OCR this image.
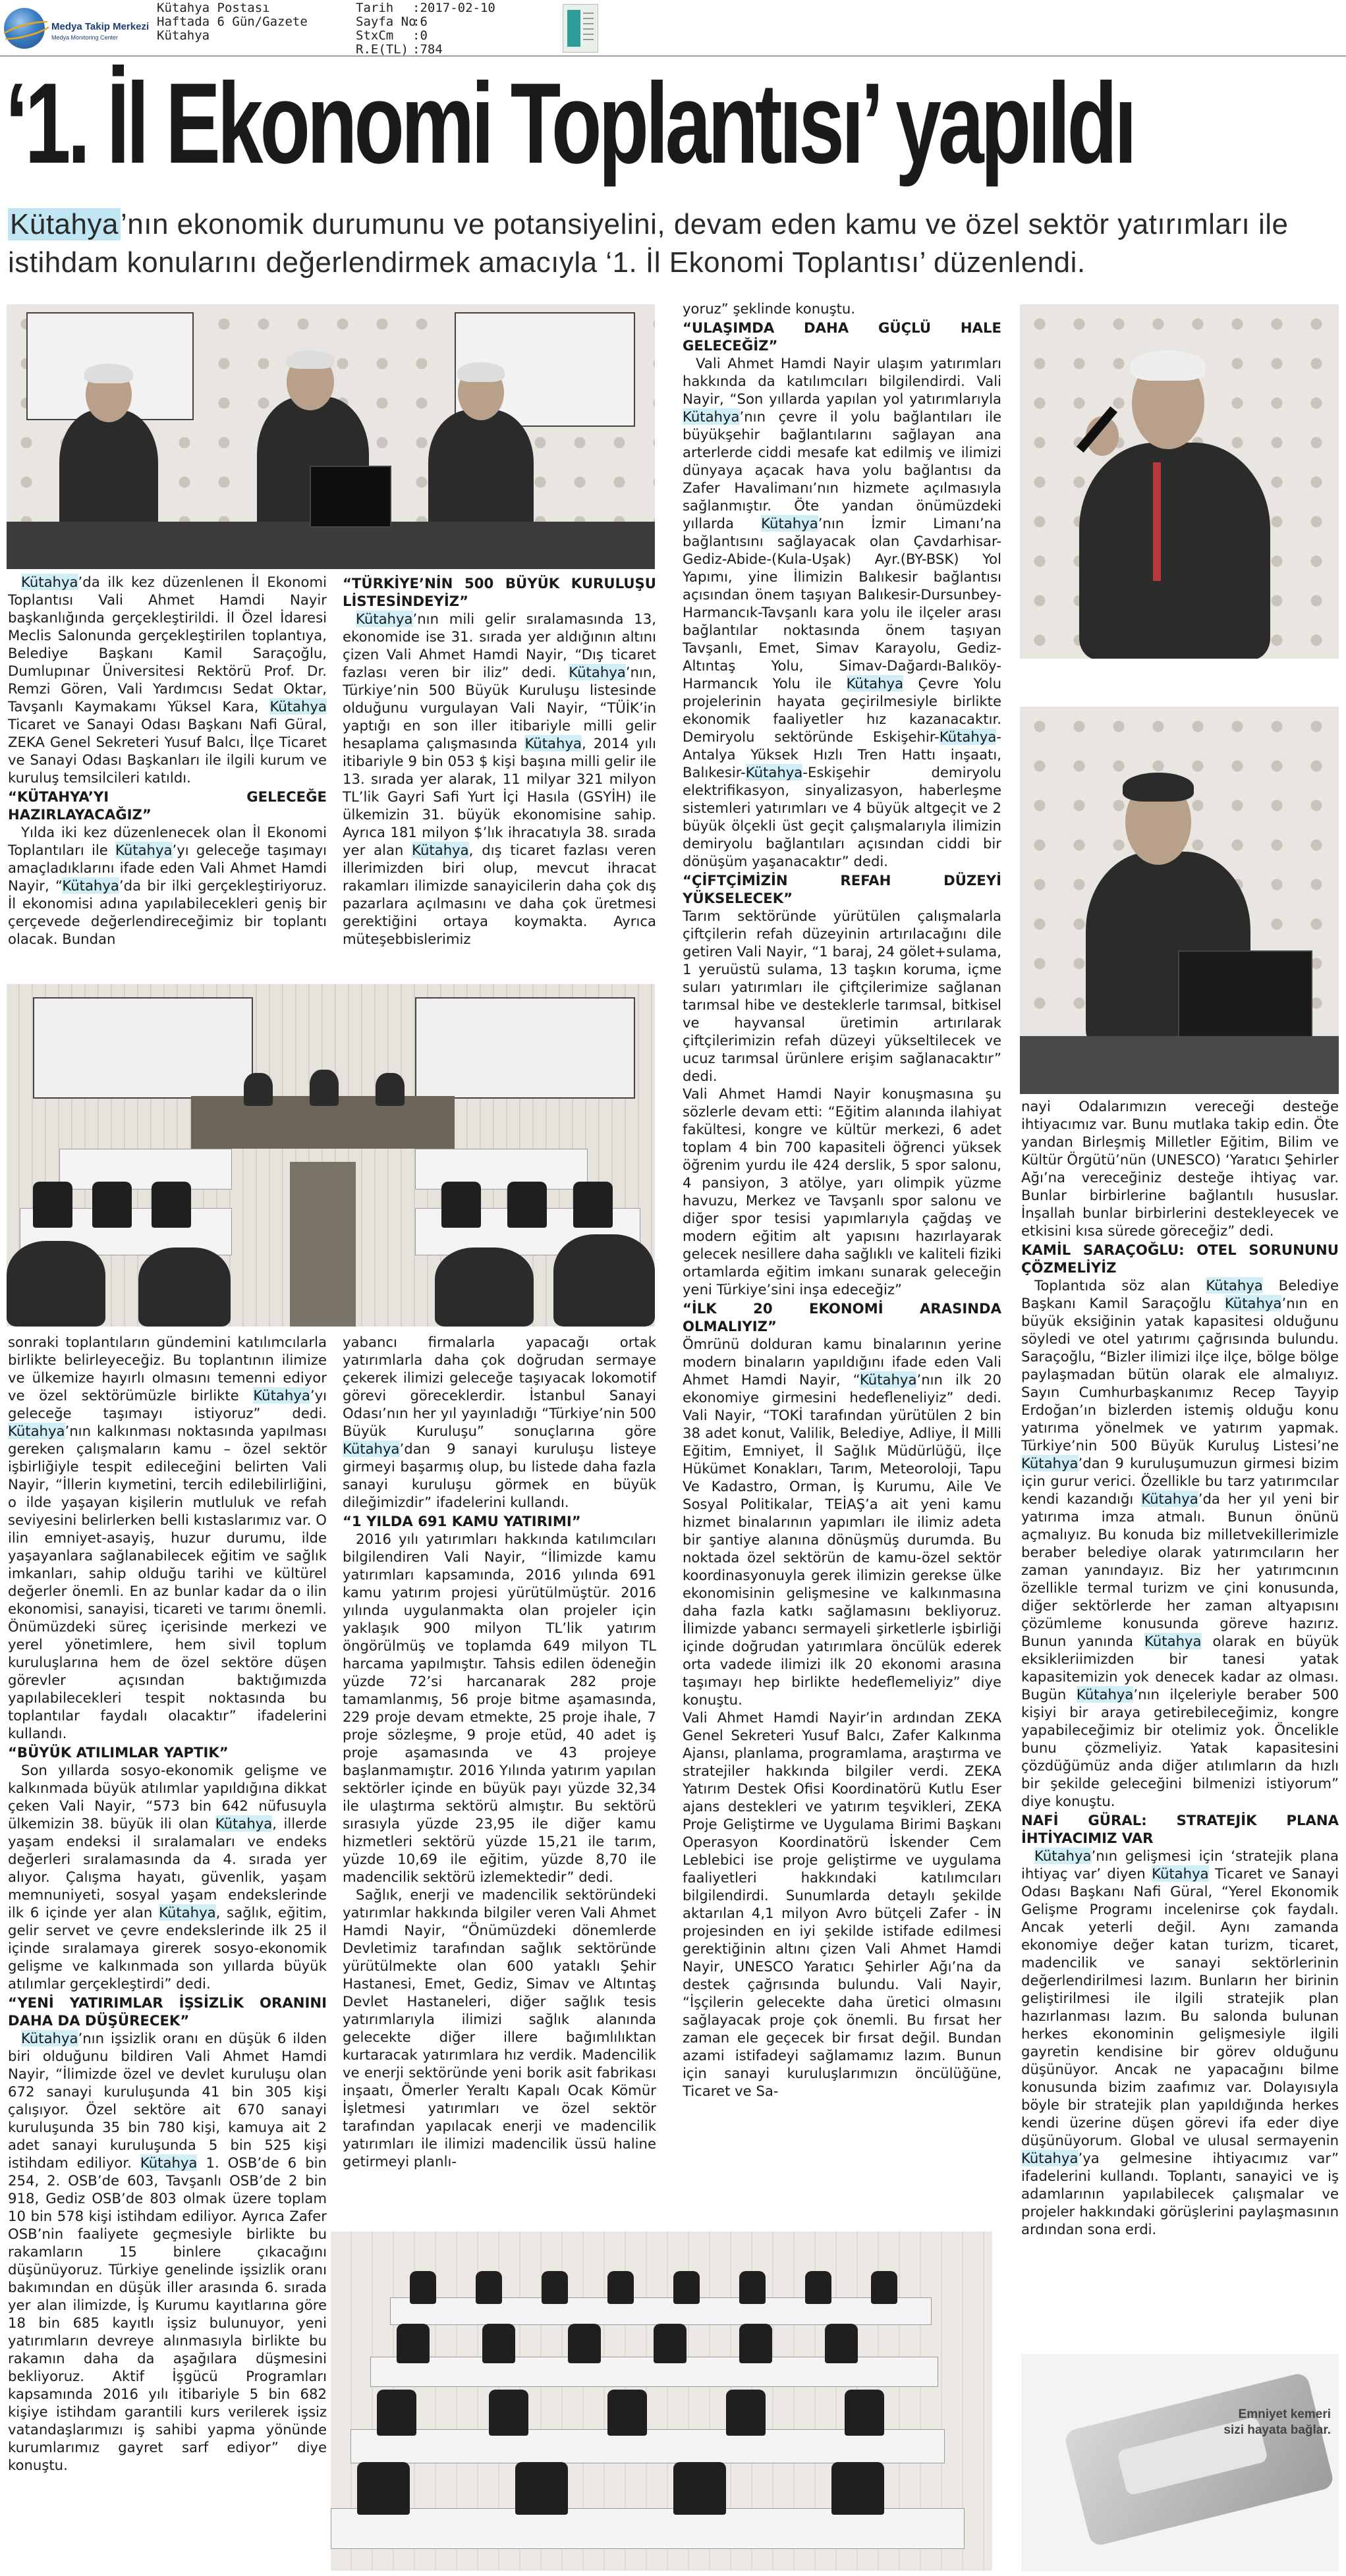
Medya Takip Merkezi
Medya Monitoring Center
Kütahya Postası
Haftada 6 Gün/Gazete
Kütahya
Tarih :2017-02-10
Sayfa No:6
StxCm :0
R.E(TL) :784
‘1. İl Ekonomi Toplantısı’ yapıldı
Kütahya’nın ekonomik durumunu ve potansiyelini, devam eden kamu ve özel sektör yatırımları ile istihdam konularını değerlendirmek amacıyla ‘1. İl Ekonomi Toplantısı’ düzenlendi.
Emniyet kemeri
sizi hayata bağlar.

Kütahya’da ilk kez düzenlenen İl Ekonomi Toplantısı Vali Ahmet Hamdi Nayir başkanlığında gerçekleştirildi. İl Özel İdaresi Meclis Salonunda gerçekleştirilen toplantıya, Belediye Başkanı Kamil Saraçoğlu, Dumlupınar Üniversitesi Rektörü Prof. Dr. Remzi Gören, Vali Yardımcısı Sedat Oktar, Tavşanlı Kaymakamı Yüksel Kara, Kütahya Ticaret ve Sanayi Odası Başkanı Nafi Güral, ZEKA Genel Sekreteri Yusuf Balcı, İlçe Ticaret ve Sanayi Odası Başkanları ile ilgili kurum ve kuruluş temsilcileri katıldı.

“KÜTAHYA’YI GELECEĞE HAZIRLAYACAĞIZ”

Yılda iki kez düzenlenecek olan İl Ekonomi Toplantıları ile Kütahya’yı geleceğe taşımayı amaçladıklarını ifade eden Vali Ahmet Hamdi Nayir, “Kütahya’da bir ilki gerçekleştiriyoruz. İl ekonomisi adına yapılabilecekleri geniş bir çerçevede değerlendireceğimiz bir toplantı olacak. Bundan

“TÜRKİYE’NİN 500 BÜYÜK KURULUŞU LİSTESİNDEYİZ”

Kütahya’nın mili gelir sıralamasında 13, ekonomide ise 31. sırada yer aldığının altını çizen Vali Ahmet Hamdi Nayir, “Dış ticaret fazlası veren bir iliz” dedi. Kütahya’nın, Türkiye’nin 500 Büyük Kuruluşu listesinde olduğunu vurgulayan Vali Nayir, “TÜİK’in yaptığı en son iller itibariyle milli gelir hesaplama çalışmasında Kütahya, 2014 yılı itibariyle 9 bin 053 $ kişi başına milli gelir ile 13. sırada yer alarak, 11 milyar 321 milyon TL’lik Gayri Safi Yurt İçi Hasıla (GSYİH) ile ülkemizin 31. büyük ekonomisine sahip. Ayrıca 181 milyon $’lık ihracatıyla 38. sırada yer alan Kütahya, dış ticaret fazlası veren illerimizden biri olup, mevcut ihracat rakamları ilimizde sanayicilerin daha çok dış pazarlara açılmasını ve daha çok üretmesi gerektiğini ortaya koymakta. Ayrıca müteşebbislerimiz

sonraki toplantıların gündemini katılımcılarla birlikte belirleyeceğiz. Bu toplantının ilimize ve ülkemize hayırlı olmasını temenni ediyor ve özel sektörümüzle birlikte Kütahya’yı geleceğe taşımayı istiyoruz” dedi. Kütahya’nın kalkınması noktasında yapılması gereken çalışmaların kamu – özel sektör işbirliğiyle tespit edileceğini belirten Vali Nayir, “İllerin kıymetini, tercih edilebilirliğini, o ilde yaşayan kişilerin mutluluk ve refah seviyesini belirlerken belli kıstaslarımız var. O ilin emniyet-asayiş, huzur durumu, ilde yaşayanlara sağlanabilecek eğitim ve sağlık imkanları, sahip olduğu tarihi ve kültürel değerler önemli. En az bunlar kadar da o ilin ekonomisi, sanayisi, ticareti ve tarımı önemli. Önümüzdeki süreç içerisinde merkezi ve yerel yönetimlere, hem sivil toplum kuruluşlarına hem de özel sektöre düşen görevler açısından baktığımızda yapılabilecekleri tespit noktasında bu toplantılar faydalı olacaktır” ifadelerini kullandı.

“BÜYÜK ATILIMLAR YAPTIK”

Son yıllarda sosyo-ekonomik gelişme ve kalkınmada büyük atılımlar yapıldığına dikkat çeken Vali Nayir, “573 bin 642 nüfusuyla ülkemizin 38. büyük ili olan Kütahya, illerde yaşam endeksi il sıralamaları ve endeks değerleri sıralamasında da 4. sırada yer alıyor. Çalışma hayatı, güvenlik, yaşam memnuniyeti, sosyal yaşam endekslerinde ilk 6 içinde yer alan Kütahya, sağlık, eğitim, gelir servet ve çevre endekslerinde ilk 25 il içinde sıralamaya girerek sosyo-ekonomik gelişme ve kalkınmada son yıllarda büyük atılımlar gerçekleştirdi” dedi.

“YENİ YATIRIMLAR İŞSİZLİK ORANINI DAHA DA DÜŞÜRECEK”

Kütahya’nın işsizlik oranı en düşük 6 ilden biri olduğunu bildiren Vali Ahmet Hamdi Nayir, “İlimizde özel ve devlet kuruluşu olan 672 sanayi kuruluşunda 41 bin 305 kişi çalışıyor. Özel sektöre ait 670 sanayi kuruluşunda 35 bin 780 kişi, kamuya ait 2 adet sanayi kuruluşunda 5 bin 525 kişi istihdam ediliyor. Kütahya 1. OSB’de 6 bin 254, 2. OSB’de 603, Tavşanlı OSB’de 2 bin 918, Gediz OSB’de 803 olmak üzere toplam 10 bin 578 kişi istihdam ediliyor. Ayrıca Zafer OSB’nin faaliyete geçmesiyle birlikte bu rakamların 15 binlere çıkacağını düşünüyoruz. Türkiye genelinde işsizlik oranı bakımından en düşük iller arasında 6. sırada yer alan ilimizde, İş Kurumu kayıtlarına göre 18 bin 685 kayıtlı işsiz bulunuyor, yeni yatırımların devreye alınmasıyla birlikte bu rakamın daha da aşağılara düşmesini bekliyoruz. Aktif İşgücü Programları kapsamında 2016 yılı itibariyle 5 bin 682 kişiye istihdam garantili kurs verilerek işsiz vatandaşlarımızı iş sahibi yapma yönünde kurumlarımız gayret sarf ediyor” diye konuştu.

yabancı firmalarla yapacağı ortak yatırımlarla daha çok doğrudan sermaye çekerek ilimizi geleceğe taşıyacak lokomotif görevi göreceklerdir. İstanbul Sanayi Odası’nın her yıl yayınladığı “Türkiye’nin 500 Büyük Kuruluşu” sonuçlarına göre Kütahya’dan 9 sanayi kuruluşu listeye girmeyi başarmış olup, bu listede daha fazla sanayi kuruluşu görmek en büyük dileğimizdir” ifadelerini kullandı.

“1 YILDA 691 KAMU YATIRIMI”

2016 yılı yatırımları hakkında katılımcıları bilgilendiren Vali Nayir, “İlimizde kamu yatırımları kapsamında, 2016 yılında 691 kamu yatırım projesi yürütülmüştür. 2016 yılında uygulanmakta olan projeler için yaklaşık 900 milyon TL’lik yatırım öngörülmüş ve toplamda 649 milyon TL harcama yapılmıştır. Tahsis edilen ödeneğin yüzde 72’si harcanarak 282 proje tamamlanmış, 56 proje bitme aşamasında, 229 proje devam etmekte, 25 proje ihale, 7 proje sözleşme, 9 proje etüd, 40 adet iş proje aşamasında ve 43 projeye başlanmamıştır. 2016 Yılında yatırım yapılan sektörler içinde en büyük payı yüzde 32,34 ile ulaştırma sektörü almıştır. Bu sektörü sırasıyla yüzde 23,95 ile diğer kamu hizmetleri sektörü yüzde 15,21 ile tarım, yüzde 10,69 ile eğitim, yüzde 8,70 ile madencilik sektörü izlemektedir” dedi.

Sağlık, enerji ve madencilik sektöründeki yatırımlar hakkında bilgiler veren Vali Ahmet Hamdi Nayir, “Önümüzdeki dönemlerde Devletimiz tarafından sağlık sektöründe yürütülmekte olan 600 yataklı Şehir Hastanesi, Emet, Gediz, Simav ve Altıntaş Devlet Hastaneleri, diğer sağlık tesis yatırımlarıyla ilimizi sağlık alanında gelecekte diğer illere bağımlılıktan kurtaracak yatırımlara hız verdik. Madencilik ve enerji sektöründe yeni borik asit fabrikası inşaatı, Ömerler Yeraltı Kapalı Ocak Kömür İşletmesi yatırımları ve özel sektör tarafından yapılacak enerji ve madencilik yatırımları ile ilimizi madencilik üssü haline getirmeyi planlı-

yoruz” şeklinde konuştu.

“ULAŞIMDA DAHA GÜÇLÜ HALE GELECEĞİZ”

Vali Ahmet Hamdi Nayir ulaşım yatırımları hakkında da katılımcıları bilgilendirdi. Vali Nayir, “Son yıllarda yapılan yol yatırımlarıyla Kütahya’nın çevre il yolu bağlantıları ile büyükşehir bağlantılarını sağlayan ana arterlerde ciddi mesafe kat edilmiş ve ilimizi dünyaya açacak hava yolu bağlantısı da Zafer Havalimanı’nın hizmete açılmasıyla sağlanmıştır. Öte yandan önümüzdeki yıllarda Kütahya’nın İzmir Limanı’na bağlantısını sağlayacak olan Çavdarhisar-Gediz-Abide-(Kula-Uşak) Ayr.(BY-BSK) Yol Yapımı, yine İlimizin Balıkesir bağlantısı açısından önem taşıyan Balıkesir-Dursunbey-Harmancık-Tavşanlı kara yolu ile ilçeler arası bağlantılar noktasında önem taşıyan Tavşanlı, Emet, Simav Karayolu, Gediz-Altıntaş Yolu, Simav-Dağardı-Balıköy-Harmancık Yolu ile Kütahya Çevre Yolu projelerinin hayata geçirilmesiyle birlikte ekonomik faaliyetler hız kazanacaktır. Demiryolu sektöründe Eskişehir-Kütahya-Antalya Yüksek Hızlı Tren Hattı inşaatı, Balıkesir-Kütahya-Eskişehir demiryolu elektrifikasyon, sinyalizasyon, haberleşme sistemleri yatırımları ve 4 büyük altgeçit ve 2 büyük ölçekli üst geçit çalışmalarıyla ilimizin demiryolu bağlantıları açısından ciddi bir dönüşüm yaşanacaktır” dedi.

“ÇİFTÇİMİZİN REFAH DÜZEYİ YÜKSELECEK”

Tarım sektöründe yürütülen çalışmalarla çiftçilerin refah düzeyinin artırılacağını dile getiren Vali Nayir, “1 baraj, 24 gölet+sulama, 1 yeruüstü sulama, 13 taşkın koruma, içme suları yatırımları ile çiftçilerimize sağlanan tarımsal hibe ve desteklerle tarımsal, bitkisel ve hayvansal üretimin artırılarak çiftçilerimizin refah düzeyi yükseltilecek ve ucuz tarımsal ürünlere erişim sağlanacaktır” dedi.

Vali Ahmet Hamdi Nayir konuşmasına şu sözlerle devam etti: “Eğitim alanında ilahiyat fakültesi, kongre ve kültür merkezi, 6 adet toplam 4 bin 700 kapasiteli öğrenci yüksek öğrenim yurdu ile 424 derslik, 5 spor salonu, 4 pansiyon, 3 atölye, yarı olimpik yüzme havuzu, Merkez ve Tavşanlı spor salonu ve diğer spor tesisi yapımlarıyla çağdaş ve modern eğitim alt yapısını hazırlayarak gelecek nesillere daha sağlıklı ve kaliteli fiziki ortamlarda eğitim imkanı sunarak geleceğin yeni Türkiye’sini inşa edeceğiz”

“İLK 20 EKONOMİ ARASINDA OLMALIYIZ”

Ömrünü dolduran kamu binalarının yerine modern binaların yapıldığını ifade eden Vali Ahmet Hamdi Nayir, “Kütahya’nın ilk 20 ekonomiye girmesini hedefleneliyiz” dedi. Vali Nayir, “TOKİ tarafından yürütülen 2 bin 38 adet konut, Valilik, Belediye, Adliye, İl Milli Eğitim, Emniyet, İl Sağlık Müdürlüğü, İlçe Hükümet Konakları, Tarım, Meteoroloji, Tapu Ve Kadastro, Orman, İş Kurumu, Aile Ve Sosyal Politikalar, TEİAŞ’a ait yeni kamu hizmet binalarının yapımları ile ilimiz adeta bir şantiye alanına dönüşmüş durumda. Bu noktada özel sektörün de kamu-özel sektör koordinasyonuyla gerek ilimizin gerekse ülke ekonomisinin gelişmesine ve kalkınmasına daha fazla katkı sağlamasını bekliyoruz. İlimizde yabancı sermayeli şirketlerle işbirliği içinde doğrudan yatırımlara öncülük ederek orta vadede ilimizi ilk 20 ekonomi arasına taşımayı hep birlikte hedeflemeliyiz” diye konuştu.

Vali Ahmet Hamdi Nayir’in ardından ZEKA Genel Sekreteri Yusuf Balcı, Zafer Kalkınma Ajansı, planlama, programlama, araştırma ve stratejiler hakkında bilgiler verdi. ZEKA Yatırım Destek Ofisi Koordinatörü Kutlu Eser ajans destekleri ve yatırım teşvikleri, ZEKA Proje Geliştirme ve Uygulama Birimi Başkanı Operasyon Koordinatörü İskender Cem Leblebici ise proje geliştirme ve uygulama faaliyetleri hakkındaki katılımcıları bilgilendirdi. Sunumlarda detaylı şekilde aktarılan 4,1 milyon Avro bütçeli Zafer - İN projesinden en iyi şekilde istifade edilmesi gerektiğinin altını çizen Vali Ahmet Hamdi Nayir, UNESCO Yaratıcı Şehirler Ağı’na da destek çağrısında bulundu. Vali Nayir, “İşçilerin gelecekte daha üretici olmasını sağlayacak proje çok önemli. Bu fırsat her zaman ele geçecek bir fırsat değil. Bundan azami istifadeyi sağlamamız lazım. Bunun için sanayi kuruluşlarımızın öncülüğüne, Ticaret ve Sa-

nayi Odalarımızın vereceği desteğe ihtiyacımız var. Bunu mutlaka takip edin. Öte yandan Birleşmiş Milletler Eğitim, Bilim ve Kültür Örgütü’nün (UNESCO) ‘Yaratıcı Şehirler Ağı’na vereceğiniz desteğe ihtiyaç var. Bunlar birbirlerine bağlantılı hususlar. İnşallah bunlar birbirlerini destekleyecek ve etkisini kısa sürede göreceğiz” dedi.

KAMİL SARAÇOĞLU: OTEL SORUNUNU ÇÖZMELİYİZ

Toplantıda söz alan Kütahya Belediye Başkanı Kamil Saraçoğlu Kütahya’nın en büyük eksiğinin yatak kapasitesi olduğunu söyledi ve otel yatırımı çağrısında bulundu. Saraçoğlu, “Bizler ilimizi ilçe ilçe, bölge bölge paylaşmadan bütün olarak ele almalıyız. Sayın Cumhurbaşkanımız Recep Tayyip Erdoğan’ın bizlerden istemiş olduğu konu yatırıma yönelmek ve yatırım yapmak. Türkiye’nin 500 Büyük Kuruluş Listesi’ne Kütahya’dan 9 kuruluşumuzun girmesi bizim için gurur verici. Özellikle bu tarz yatırımcılar kendi kazandığı Kütahya’da her yıl yeni bir yatırıma imza atmalı. Bunun önünü açmalıyız. Bu konuda biz milletvekillerimizle beraber belediye olarak yatırımcıların her zaman yanındayız. Biz her yatırımcının özellikle termal turizm ve çini konusunda, diğer sektörlerde her zaman altyapısını çözümleme konusunda göreve hazırız. Bunun yanında Kütahya olarak en büyük eksikleriimizden bir tanesi yatak kapasitemizin yok denecek kadar az olması. Bugün Kütahya’nın ilçeleriyle beraber 500 kişiyi bir araya getirebileceğimiz, kongre yapabileceğimiz bir otelimiz yok. Öncelikle bunu çözmeliyiz. Yatak kapasitesini çözdüğümüz anda diğer atılımların da hızlı bir şekilde geleceğini bilmenizi istiyorum” diye konuştu.

NAFİ GÜRAL: STRATEJİK PLANA İHTİYACIMIZ VAR

Kütahya’nın gelişmesi için ‘stratejik plana ihtiyaç var’ diyen Kütahya Ticaret ve Sanayi Odası Başkanı Nafi Güral, “Yerel Ekonomik Gelişme Programı incelenirse çok faydalı. Ancak yeterli değil. Aynı zamanda ekonomiye değer katan turizm, ticaret, madencilik ve sanayi sektörlerinin değerlendirilmesi lazım. Bunların her birinin geliştirilmesi ile ilgili stratejik plan hazırlanması lazım. Bu salonda bulunan herkes ekonominin gelişmesiyle ilgili gayretin kendisine bir görev olduğunu düşünüyor. Ancak ne yapacağını bilme konusunda bizim zaafımız var. Dolayısıyla böyle bir stratejik plan yapıldığında herkes kendi üzerine düşen görevi ifa eder diye düşünüyorum. Global ve ulusal sermayenin Kütahya’ya gelmesine ihtiyacımız var” ifadelerini kullandı. Toplantı, sanayici ve iş adamlarının yapılabilecek çalışmalar ve projeler hakkındaki görüşlerini paylaşmasının ardından sona erdi.
